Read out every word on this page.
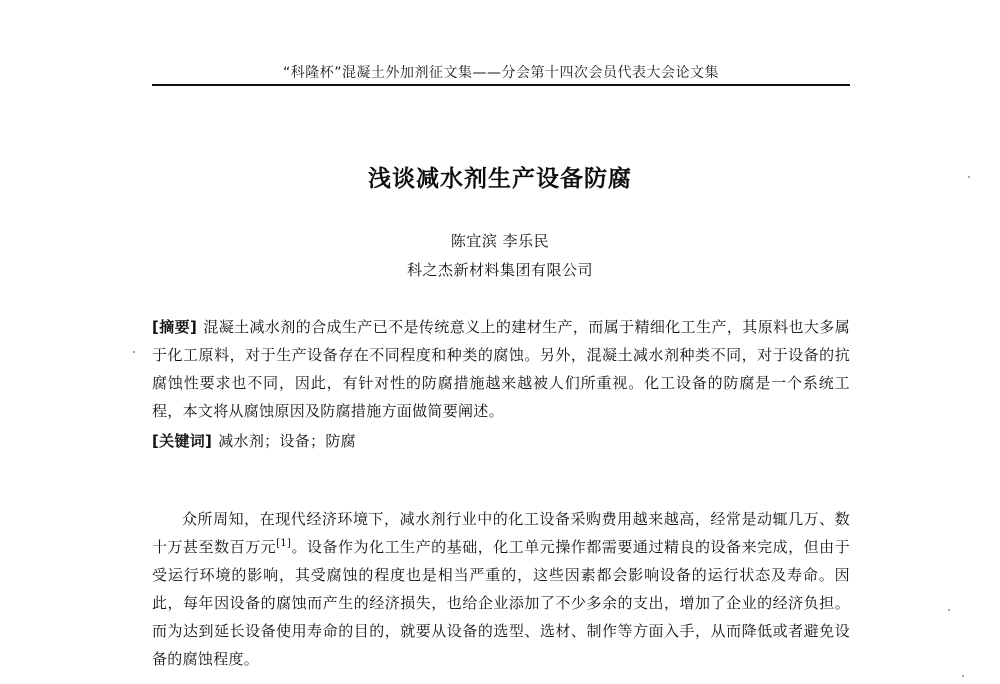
“科隆杯”混凝土外加剂征文集——分会第十四次会员代表大会论文集
浅谈减水剂生产设备防腐
陈宜滨 李乐民
科之杰新材料集团有限公司
[摘要] 混凝土减水剂的合成生产已不是传统意义上的建材生产，而属于精细化工生产，其原料也大多属于化工原料，对于生产设备存在不同程度和种类的腐蚀。另外，混凝土减水剂种类不同，对于设备的抗腐蚀性要求也不同，因此，有针对性的防腐措施越来越被人们所重视。化工设备的防腐是一个系统工程，本文将从腐蚀原因及防腐措施方面做简要阐述。
[关键词] 减水剂；设备；防腐
众所周知，在现代经济环境下，减水剂行业中的化工设备采购费用越来越高，经常是动辄几万、数十万甚至数百万元[1]。设备作为化工生产的基础，化工单元操作都需要通过精良的设备来完成，但由于受运行环境的影响，其受腐蚀的程度也是相当严重的，这些因素都会影响设备的运行状态及寿命。因此，每年因设备的腐蚀而产生的经济损失，也给企业添加了不少多余的支出，增加了企业的经济负担。而为达到延长设备使用寿命的目的，就要从设备的选型、选材、制作等方面入手，从而降低或者避免设备的腐蚀程度。
